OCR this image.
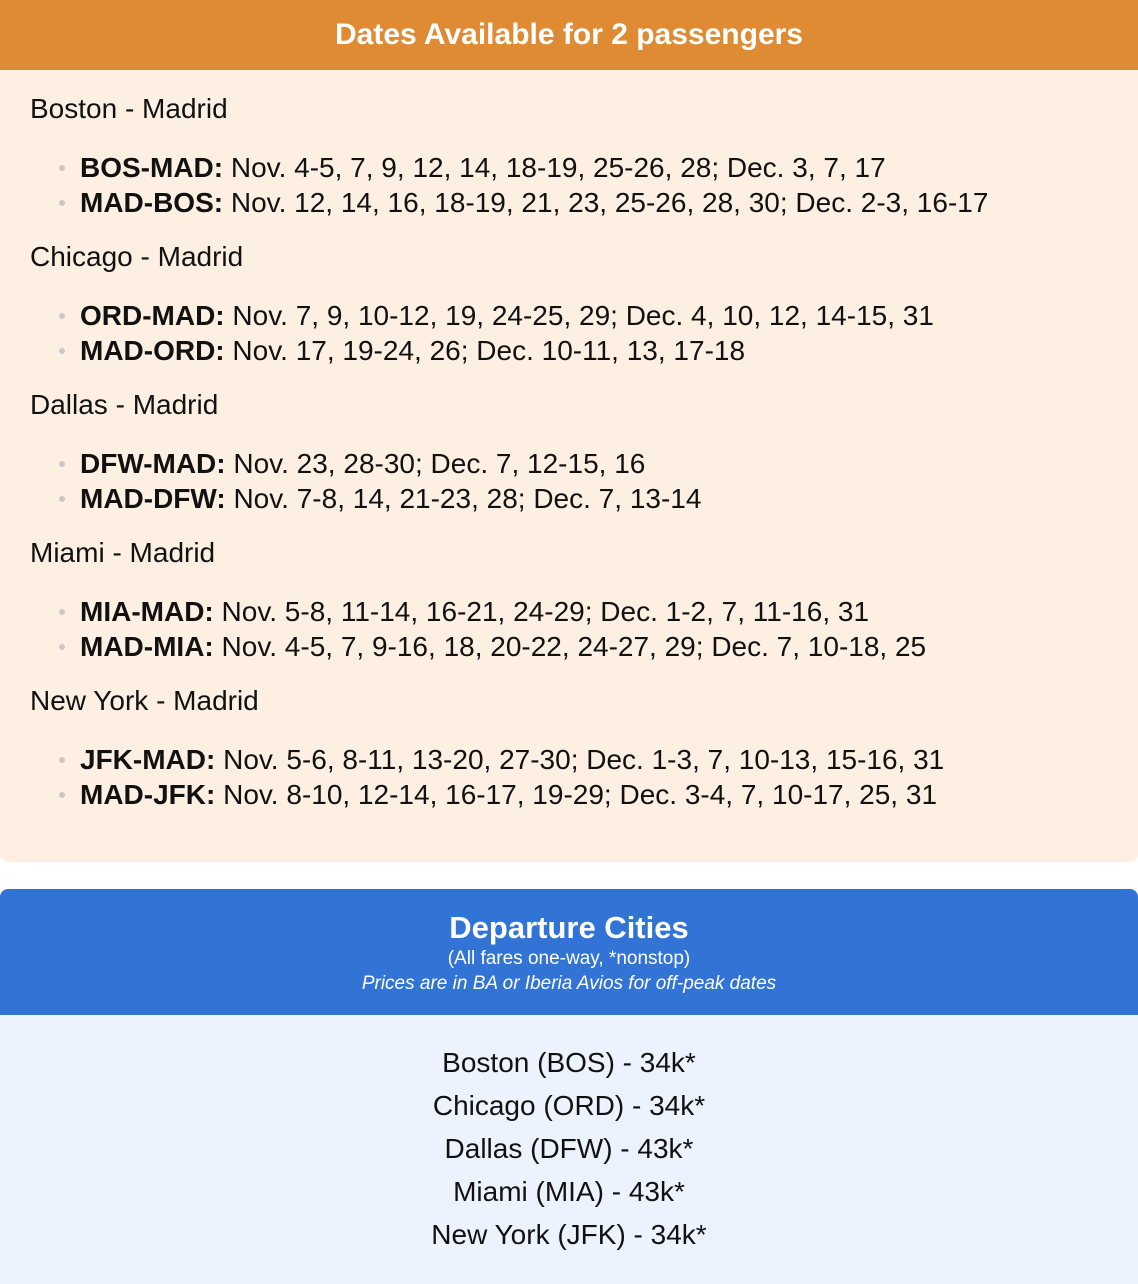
Dates Available for 2 passengers
Boston - Madrid
BOS-MAD: Nov. 4-5, 7, 9, 12, 14, 18-19, 25-26, 28; Dec. 3, 7, 17
MAD-BOS: Nov. 12, 14, 16, 18-19, 21, 23, 25-26, 28, 30; Dec. 2-3, 16-17
Chicago - Madrid
ORD-MAD: Nov. 7, 9, 10-12, 19, 24-25, 29; Dec. 4, 10, 12, 14-15, 31
MAD-ORD: Nov. 17, 19-24, 26; Dec. 10-11, 13, 17-18
Dallas - Madrid
DFW-MAD: Nov. 23, 28-30; Dec. 7, 12-15, 16
MAD-DFW: Nov. 7-8, 14, 21-23, 28; Dec. 7, 13-14
Miami - Madrid
MIA-MAD: Nov. 5-8, 11-14, 16-21, 24-29; Dec. 1-2, 7, 11-16, 31
MAD-MIA: Nov. 4-5, 7, 9-16, 18, 20-22, 24-27, 29; Dec. 7, 10-18, 25
New York - Madrid
JFK-MAD: Nov. 5-6, 8-11, 13-20, 27-30; Dec. 1-3, 7, 10-13, 15-16, 31
MAD-JFK: Nov. 8-10, 12-14, 16-17, 19-29; Dec. 3-4, 7, 10-17, 25, 31
Departure Cities
(All fares one-way, *nonstop)
Prices are in BA or Iberia Avios for off-peak dates
Boston (BOS) - 34k*
Chicago (ORD) - 34k*
Dallas (DFW) - 43k*
Miami (MIA) - 43k*
New York (JFK) - 34k*
